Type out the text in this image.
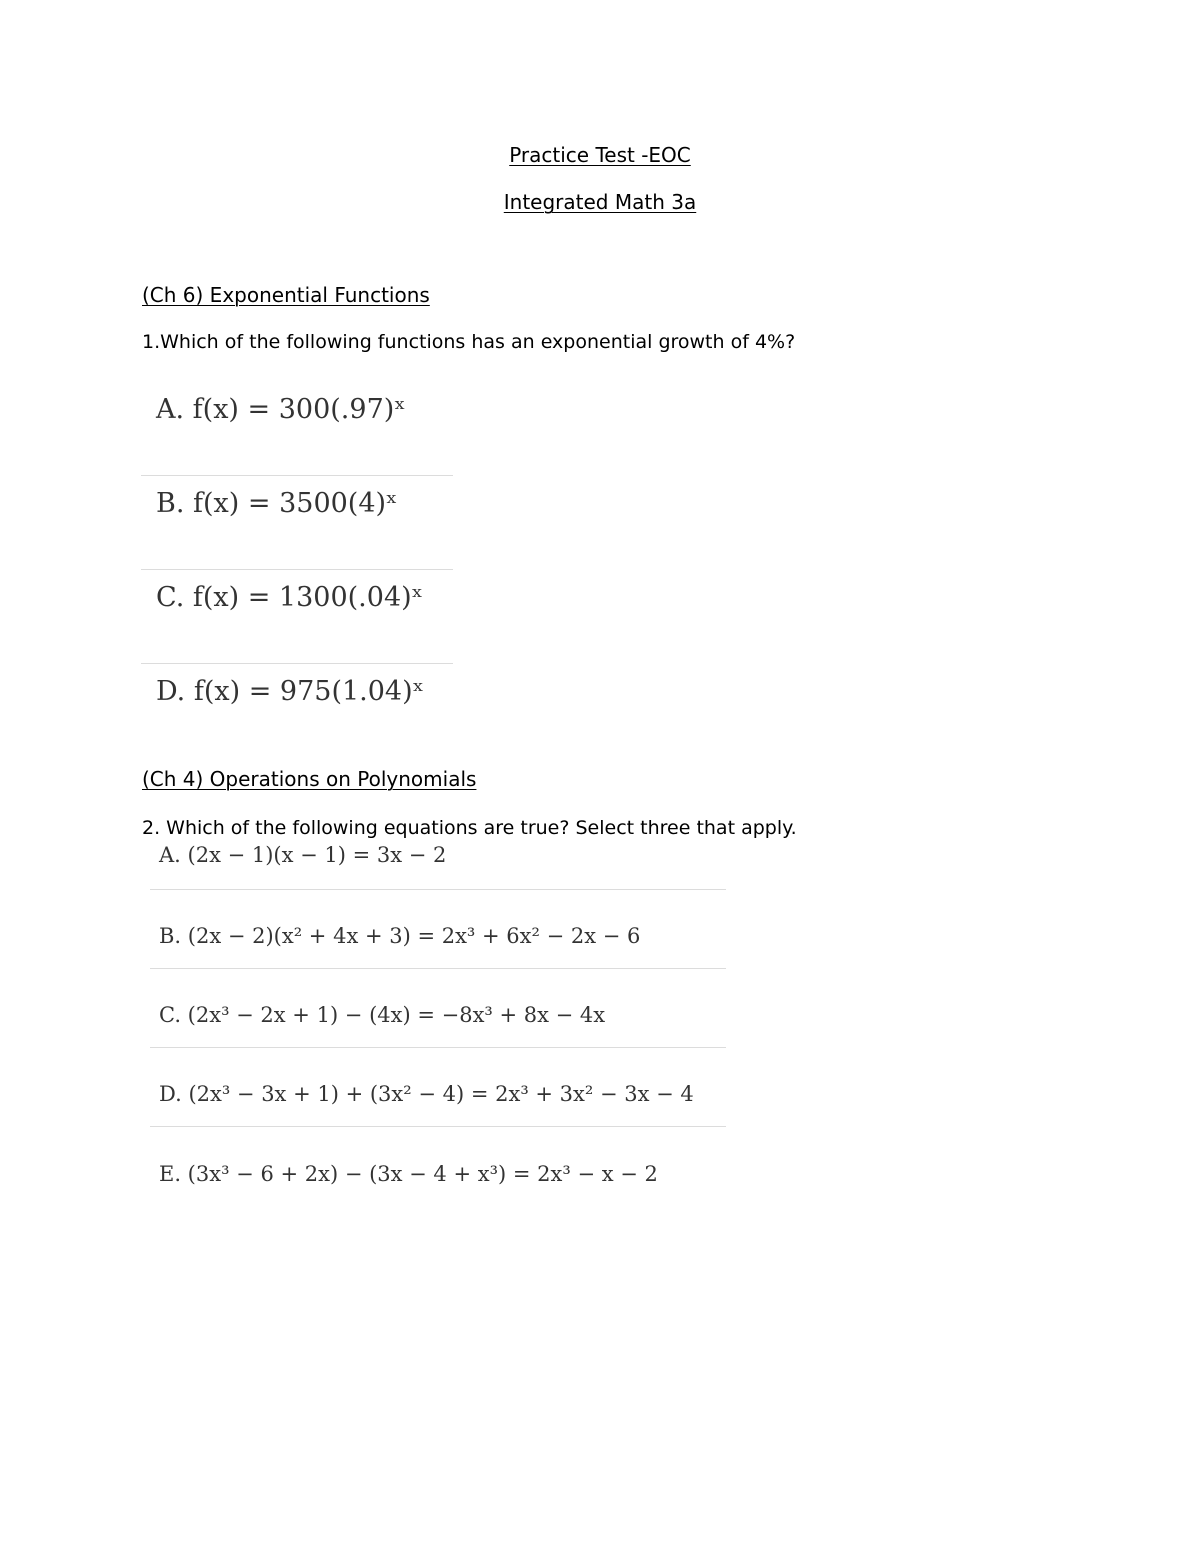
Practice Test -EOC
Integrated Math 3a
(Ch 6) Exponential Functions
1.Which of the following functions has an exponential growth of 4%?
A. f(x) = 300(.97)ˣ
B. f(x) = 3500(4)ˣ
C. f(x) = 1300(.04)ˣ
D. f(x) = 975(1.04)ˣ
(Ch 4) Operations on Polynomials
2. Which of the following equations are true? Select three that apply.
A. (2x − 1)(x − 1) = 3x − 2
B. (2x − 2)(x² + 4x + 3) = 2x³ + 6x² − 2x − 6
C. (2x³ − 2x + 1) − (4x) = −8x³ + 8x − 4x
D. (2x³ − 3x + 1) + (3x² − 4) = 2x³ + 3x² − 3x − 4
E. (3x³ − 6 + 2x) − (3x − 4 + x³) = 2x³ − x − 2
